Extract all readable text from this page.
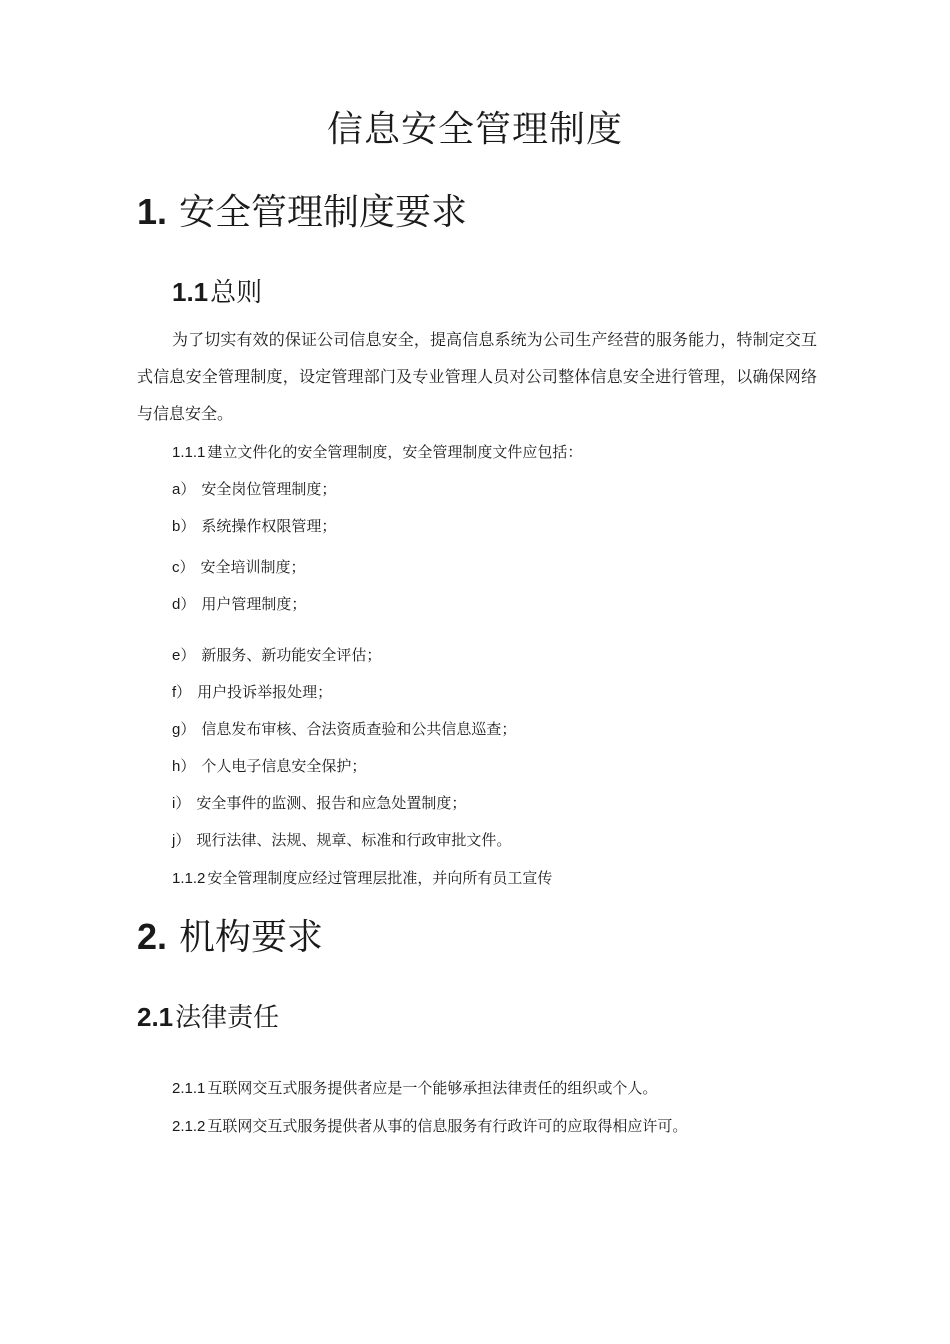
信息安全管理制度
1. 安全管理制度要求
1.1总则

为了切实有效的保证公司信息安全，提高信息系统为公司生产经营的服务能力，特制定交互式信息安全管理制度，设定管理部门及专业管理人员对公司整体信息安全进行管理，以确保网络与信息安全。

1.1.1 建立文件化的安全管理制度，安全管理制度文件应包括：

a） 安全岗位管理制度；

b） 系统操作权限管理；

c） 安全培训制度；

d） 用户管理制度；

e） 新服务、新功能安全评估；

f） 用户投诉举报处理；

g） 信息发布审核、合法资质查验和公共信息巡查；

h） 个人电子信息安全保护；

i） 安全事件的监测、报告和应急处置制度；

j） 现行法律、法规、规章、标准和行政审批文件。

1.1.2 安全管理制度应经过管理层批准，并向所有员工宣传

2. 机构要求
2.1法律责任

2.1.1 互联网交互式服务提供者应是一个能够承担法律责任的组织或个人。

2.1.2 互联网交互式服务提供者从事的信息服务有行政许可的应取得相应许可。
